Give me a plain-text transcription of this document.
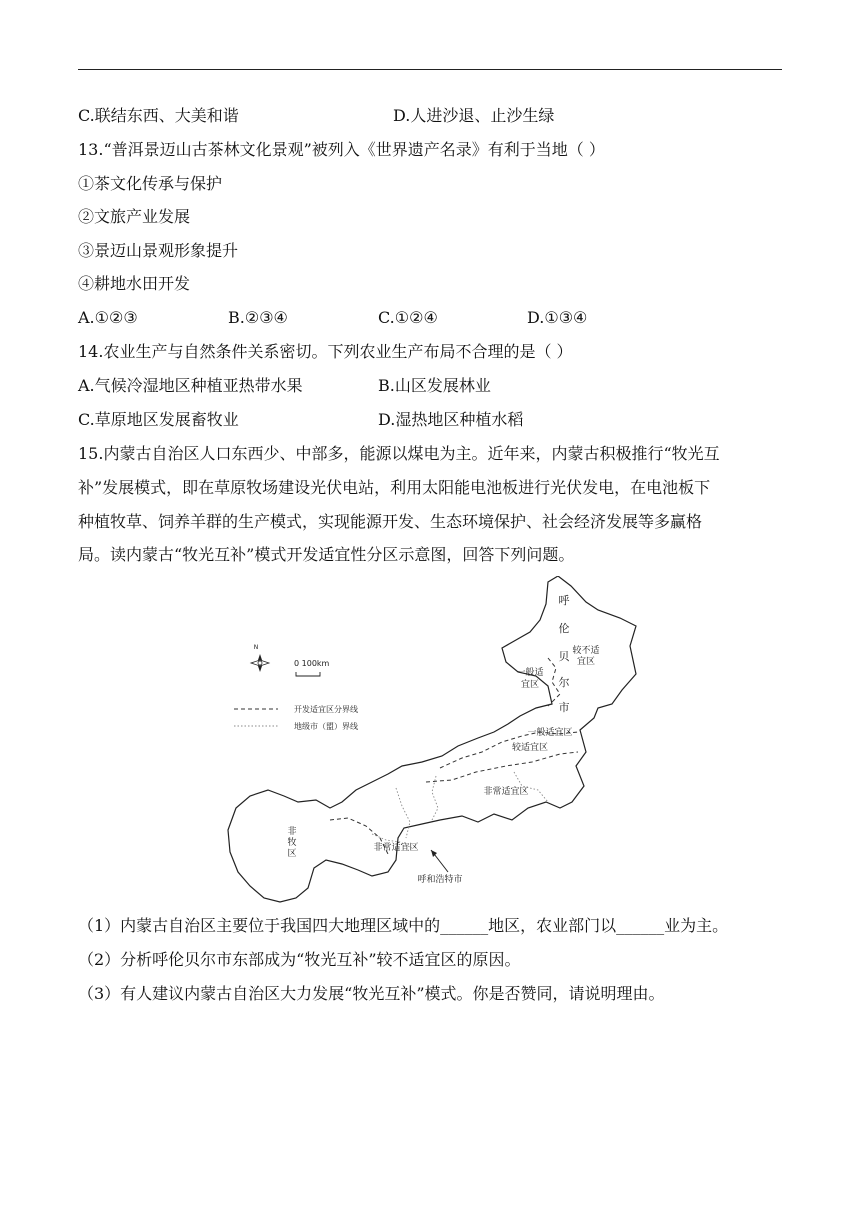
C.联结东西、大美和谐	D.人进沙退、止沙生绿
13.“普洱景迈山古茶林文化景观”被列入《世界遗产名录》有利于当地（ ）
①茶文化传承与保护
②文旅产业发展
③景迈山景观形象提升
④耕地水田开发
A.①②③	B.②③④	C.①②④	D.①③④
14.农业生产与自然条件关系密切。下列农业生产布局不合理的是（ ）
A.气候冷湿地区种植亚热带水果	B.山区发展林业
C.草原地区发展畜牧业	D.湿热地区种植水稻
15.内蒙古自治区人口东西少、中部多，能源以煤电为主。近年来，内蒙古积极推行“牧光互
补”发展模式，即在草原牧场建设光伏电站，利用太阳能电池板进行光伏发电，在电池板下
种植牧草、饲养羊群的生产模式，实现能源开发、生态环境保护、社会经济发展等多赢格
局。读内蒙古“牧光互补”模式开发适宜性分区示意图，回答下列问题。
N
0 100km
开发适宜区分界线
地级市（盟）界线
呼
伦
贝
尔
市
较不适
宜区
一般适
宜区
一般适宜区
较适宜区
非常适宜区
非
牧
区
非常适宜区
呼和浩特市
（1）内蒙古自治区主要位于我国四大地理区域中的______地区，农业部门以______业为主。
（2）分析呼伦贝尔市东部成为“牧光互补”较不适宜区的原因。
（3）有人建议内蒙古自治区大力发展“牧光互补”模式。你是否赞同，请说明理由。
